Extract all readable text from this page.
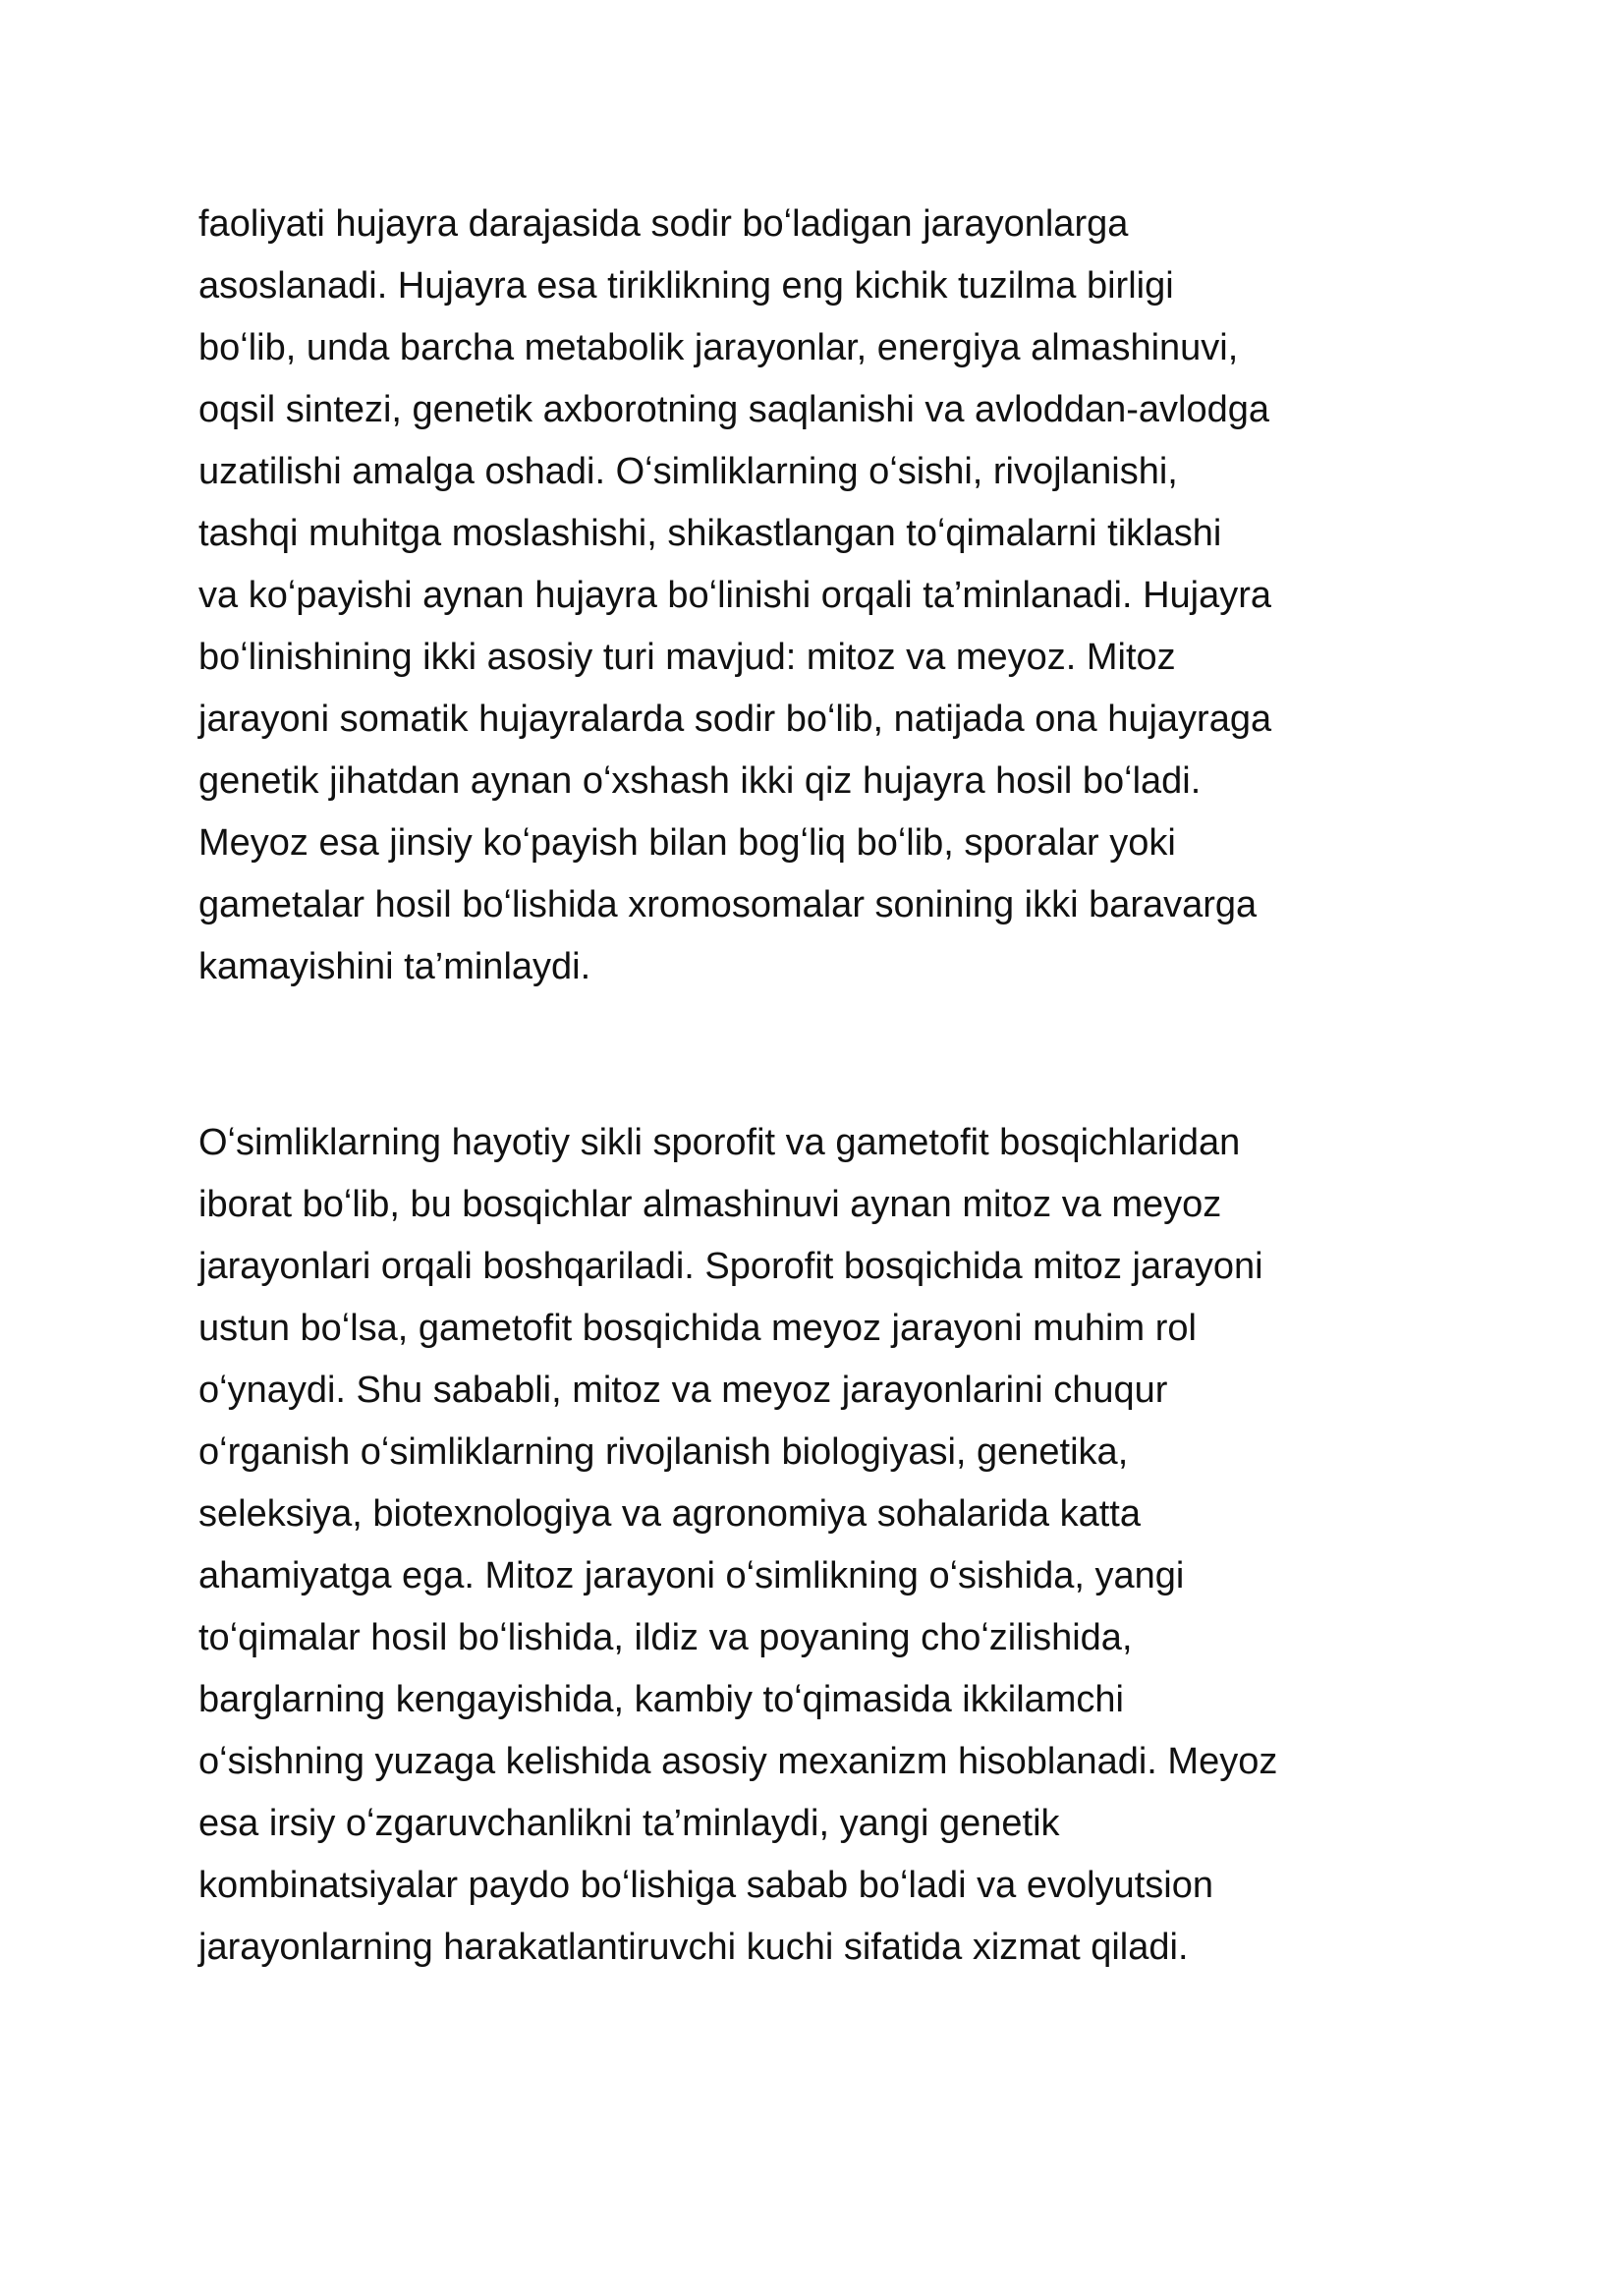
faoliyati hujayra darajasida sodir boʻladigan jarayonlarga
asoslanadi. Hujayra esa tiriklikning eng kichik tuzilma birligi
boʻlib, unda barcha metabolik jarayonlar, energiya almashinuvi,
oqsil sintezi, genetik axborotning saqlanishi va avloddan-avlodga
uzatilishi amalga oshadi. Oʻsimliklarning oʻsishi, rivojlanishi,
tashqi muhitga moslashishi, shikastlangan toʻqimalarni tiklashi
va koʻpayishi aynan hujayra boʻlinishi orqali ta’minlanadi. Hujayra
boʻlinishining ikki asosiy turi mavjud: mitoz va meyoz. Mitoz
jarayoni somatik hujayralarda sodir boʻlib, natijada ona hujayraga
genetik jihatdan aynan oʻxshash ikki qiz hujayra hosil boʻladi.
Meyoz esa jinsiy koʻpayish bilan bogʻliq boʻlib, sporalar yoki
gametalar hosil boʻlishida xromosomalar sonining ikki baravarga
kamayishini ta’minlaydi.
Oʻsimliklarning hayotiy sikli sporofit va gametofit bosqichlaridan
iborat boʻlib, bu bosqichlar almashinuvi aynan mitoz va meyoz
jarayonlari orqali boshqariladi. Sporofit bosqichida mitoz jarayoni
ustun boʻlsa, gametofit bosqichida meyoz jarayoni muhim rol
oʻynaydi. Shu sababli, mitoz va meyoz jarayonlarini chuqur
oʻrganish oʻsimliklarning rivojlanish biologiyasi, genetika,
seleksiya, biotexnologiya va agronomiya sohalarida katta
ahamiyatga ega. Mitoz jarayoni oʻsimlikning oʻsishida, yangi
toʻqimalar hosil boʻlishida, ildiz va poyaning choʻzilishida,
barglarning kengayishida, kambiy toʻqimasida ikkilamchi
oʻsishning yuzaga kelishida asosiy mexanizm hisoblanadi. Meyoz
esa irsiy oʻzgaruvchanlikni ta’minlaydi, yangi genetik
kombinatsiyalar paydo boʻlishiga sabab boʻladi va evolyutsion
jarayonlarning harakatlantiruvchi kuchi sifatida xizmat qiladi.
